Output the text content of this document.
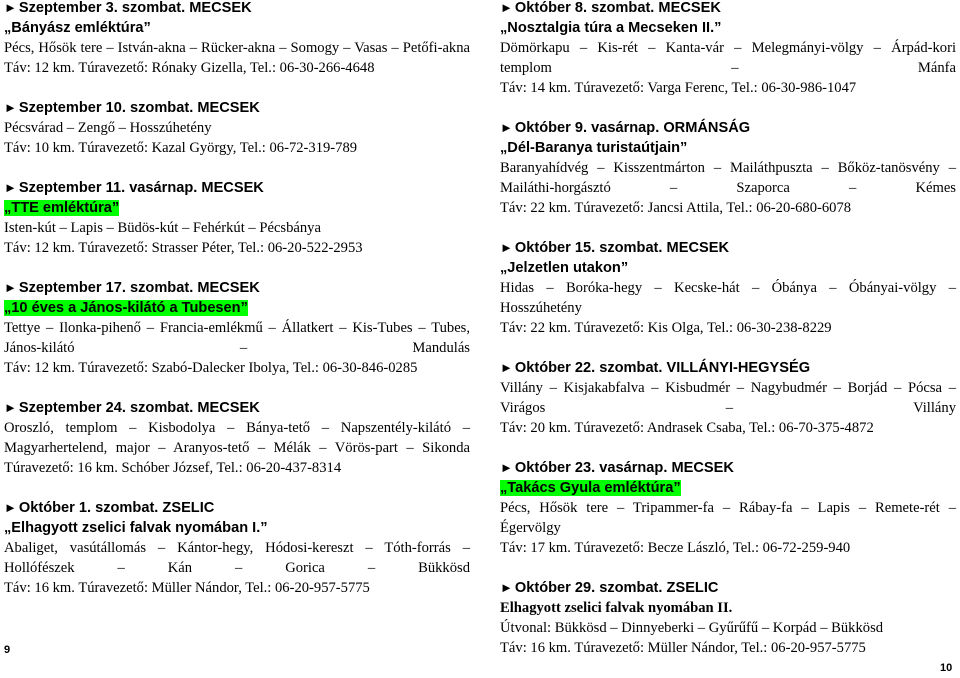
► Szeptember 3. szombat. MECSEK
„Bányász emléktúra”
Pécs, Hősök tere – István-akna – Rücker-akna – Somogy – Vasas – Petőfi-akna
Táv: 12 km. Túravezető: Rónaky Gizella, Tel.: 06-30-266-4648
► Szeptember 10. szombat. MECSEK
Pécsvárad – Zengő – Hosszúhetény
Táv: 10 km. Túravezető: Kazal György, Tel.: 06-72-319-789
► Szeptember 11. vasárnap. MECSEK
„TTE emléktúra”
Isten-kút – Lapis – Büdös-kút – Fehérkút – Pécsbánya
Táv: 12 km. Túravezető: Strasser Péter, Tel.: 06-20-522-2953
► Szeptember 17. szombat. MECSEK
„10 éves a János-kilátó a Tubesen”
Tettye – Ilonka-pihenő – Francia-emlékmű – Állatkert – Kis-Tubes – Tubes, János-kilátó – Mandulás
Táv: 12 km. Túravezető: Szabó-Dalecker Ibolya, Tel.: 06-30-846-0285
► Szeptember 24. szombat. MECSEK
Oroszló, templom – Kisbodolya – Bánya-tető – Napszentély-kilátó – Magyarhertelend, major – Aranyos-tető – Mélák – Vörös-part – Sikonda
Túravezető: 16 km. Schóber József, Tel.: 06-20-437-8314
► Október 1. szombat. ZSELIC
„Elhagyott zselici falvak nyomában I.”
Abaliget, vasútállomás – Kántor-hegy, Hódosi-kereszt – Tóth-forrás – Hollófészek – Kán – Gorica – Bükkösd
Táv: 16 km. Túravezető: Müller Nándor, Tel.: 06-20-957-5775
► Október 8. szombat. MECSEK
„Nosztalgia túra a Mecseken II.”
Dömörkapu – Kis-rét – Kanta-vár – Melegmányi-völgy – Árpád-kori templom – Mánfa
Táv: 14 km. Túravezető: Varga Ferenc, Tel.: 06-30-986-1047
► Október 9. vasárnap. ORMÁNSÁG
„Dél-Baranya turistaútjain”
Baranyahídvég – Kisszentmárton – Mailáthpuszta – Bőköz-tanösvény – Mailáthi-horgásztó – Szaporca – Kémes
Táv: 22 km. Túravezető: Jancsi Attila, Tel.: 06-20-680-6078
► Október 15. szombat. MECSEK
„Jelzetlen utakon”
Hidas – Boróka-hegy – Kecske-hát – Óbánya – Óbányai-völgy – Hosszúhetény
Táv: 22 km. Túravezető: Kis Olga, Tel.: 06-30-238-8229
► Október 22. szombat. VILLÁNYI-HEGYSÉG
Villány – Kisjakabfalva – Kisbudmér – Nagybudmér – Borjád – Pócsa – Virágos – Villány
Táv: 20 km. Túravezető: Andrasek Csaba, Tel.: 06-70-375-4872
► Október 23. vasárnap. MECSEK
„Takács Gyula emléktúra”
Pécs, Hősök tere – Tripammer-fa – Rábay-fa – Lapis – Remete-rét – Égervölgy
Táv: 17 km. Túravezető: Becze László, Tel.: 06-72-259-940
► Október 29. szombat. ZSELIC
Elhagyott zselici falvak nyomában II.
Útvonal: Bükkösd – Dinnyeberki – Gyűrűfű – Korpád – Bükkösd
Táv: 16 km. Túravezető: Müller Nándor, Tel.: 06-20-957-5775
9
10
